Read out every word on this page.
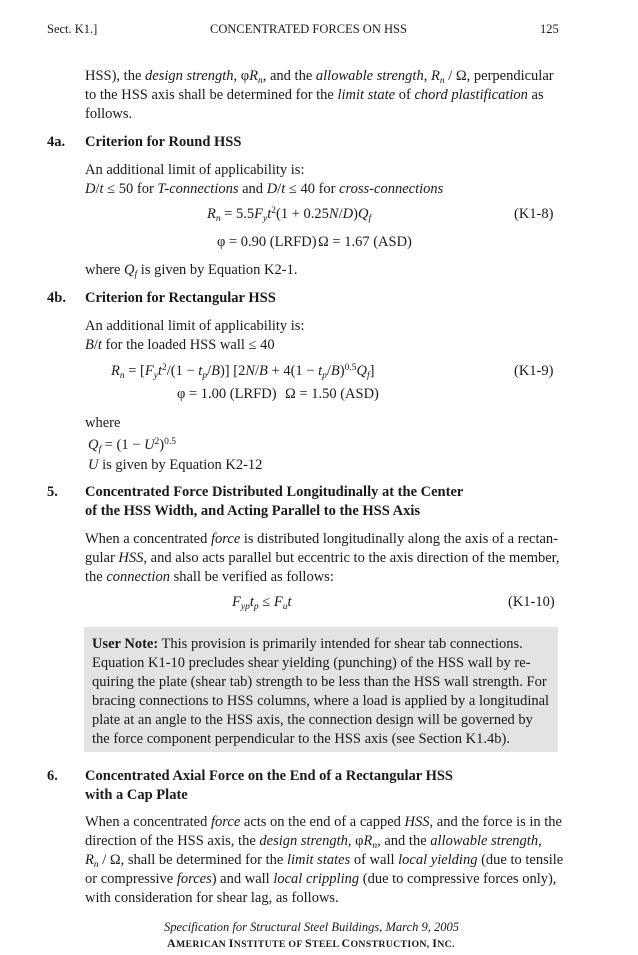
Sect. K1.]	CONCENTRATED FORCES ON HSS	125
HSS), the design strength, $\varphi R_n$, and the allowable strength, $R_n$ / Ω, perpendicular
to the HSS axis shall be determined for the limit state of chord plastification as
follows.
4a. Criterion for Round HSS
An additional limit of applicability is:
D/t ≤ 50 for T-connections and D/t ≤ 40 for cross-connections
$R_n = 5.5F_yt^2(1 + 0.25N/D)Q_f$	(K1-8)
φ = 0.90 (LRFD) Ω = 1.67 (ASD)
where $Q_f$ is given by Equation K2-1.
4b. Criterion for Rectangular HSS
An additional limit of applicability is:
B/t for the loaded HSS wall ≤ 40
$R_n = [F_yt^2/(1 - t_p/B)] [2N/B + 4(1 - t_p/B)^{0.5}Q_f]$	(K1-9)
φ = 1.00 (LRFD) Ω = 1.50 (ASD)
where
$Q_f = (1 - U^2)^{0.5}$
U is given by Equation K2-12
5. Concentrated Force Distributed Longitudinally at the Center
of the HSS Width, and Acting Parallel to the HSS Axis
When a concentrated force is distributed longitudinally along the axis of a rectan-
gular HSS, and also acts parallel but eccentric to the axis direction of the member,
the connection shall be verified as follows:
$F_{yp}t_p \le F_ut$	(K1-10)
User Note: This provision is primarily intended for shear tab connections.
Equation K1-10 precludes shear yielding (punching) of the HSS wall by re-
quiring the plate (shear tab) strength to be less than the HSS wall strength. For
bracing connections to HSS columns, where a load is applied by a longitudinal
plate at an angle to the HSS axis, the connection design will be governed by
the force component perpendicular to the HSS axis (see Section K1.4b).
6. Concentrated Axial Force on the End of a Rectangular HSS
with a Cap Plate
When a concentrated force acts on the end of a capped HSS, and the force is in the
direction of the HSS axis, the design strength, $\varphi R_n$, and the allowable strength,
$R_n$ / Ω, shall be determined for the limit states of wall local yielding (due to tensile
or compressive forces) and wall local crippling (due to compressive forces only),
with consideration for shear lag, as follows.
Specification for Structural Steel Buildings, March 9, 2005
AMERICAN INSTITUTE OF STEEL CONSTRUCTION, INC.
